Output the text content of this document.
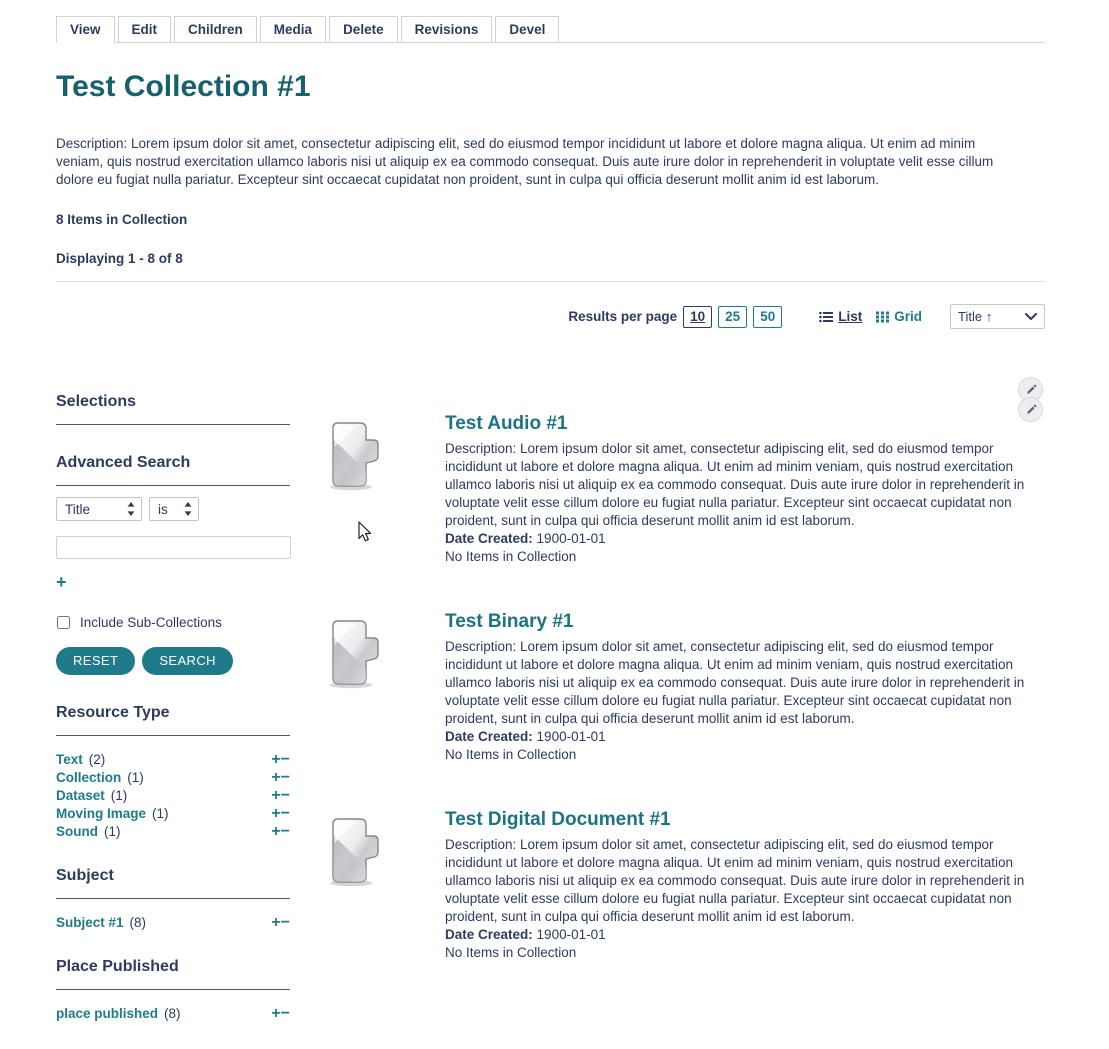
View	Edit	Children	Media	Delete	Revisions	Devel
Test Collection #1

Description: Lorem ipsum dolor sit amet, consectetur adipiscing elit, sed do eiusmod tempor incididunt ut labore et dolore magna aliqua. Ut enim ad minim veniam, quis nostrud exercitation ullamco laboris nisi ut aliquip ex ea commodo consequat. Duis aute irure dolor in reprehenderit in voluptate velit esse cillum dolore eu fugiat nulla pariatur. Excepteur sint occaecat cupidatat non proident, sunt in culpa qui officia deserunt mollit anim id est laborum.

8 Items in Collection
Displaying 1 - 8 of 8
Results per page 10	25	50	List Grid	Title ↑
Selections
Advanced Search
Title	is
+
Include Sub-Collections
RESET	SEARCH
Resource Type
Text (2)	+−
Collection (1)	+−
Dataset (1)	+−
Moving Image (1)	+−
Sound (1)	+−
Subject
Subject #1 (8)	+−
Place Published
place published (8)	+−
Test Audio #1
Description: Lorem ipsum dolor sit amet, consectetur adipiscing elit, sed do eiusmod tempor incididunt ut labore et dolore magna aliqua. Ut enim ad minim veniam, quis nostrud exercitation ullamco laboris nisi ut aliquip ex ea commodo consequat. Duis aute irure dolor in reprehenderit in voluptate velit esse cillum dolore eu fugiat nulla pariatur. Excepteur sint occaecat cupidatat non proident, sunt in culpa qui officia deserunt mollit anim id est laborum.
Date Created: 1900-01-01
No Items in Collection
Test Binary #1
Description: Lorem ipsum dolor sit amet, consectetur adipiscing elit, sed do eiusmod tempor incididunt ut labore et dolore magna aliqua. Ut enim ad minim veniam, quis nostrud exercitation ullamco laboris nisi ut aliquip ex ea commodo consequat. Duis aute irure dolor in reprehenderit in voluptate velit esse cillum dolore eu fugiat nulla pariatur. Excepteur sint occaecat cupidatat non proident, sunt in culpa qui officia deserunt mollit anim id est laborum.
Date Created: 1900-01-01
No Items in Collection
Test Digital Document #1
Description: Lorem ipsum dolor sit amet, consectetur adipiscing elit, sed do eiusmod tempor incididunt ut labore et dolore magna aliqua. Ut enim ad minim veniam, quis nostrud exercitation ullamco laboris nisi ut aliquip ex ea commodo consequat. Duis aute irure dolor in reprehenderit in voluptate velit esse cillum dolore eu fugiat nulla pariatur. Excepteur sint occaecat cupidatat non proident, sunt in culpa qui officia deserunt mollit anim id est laborum.
Date Created: 1900-01-01
No Items in Collection
